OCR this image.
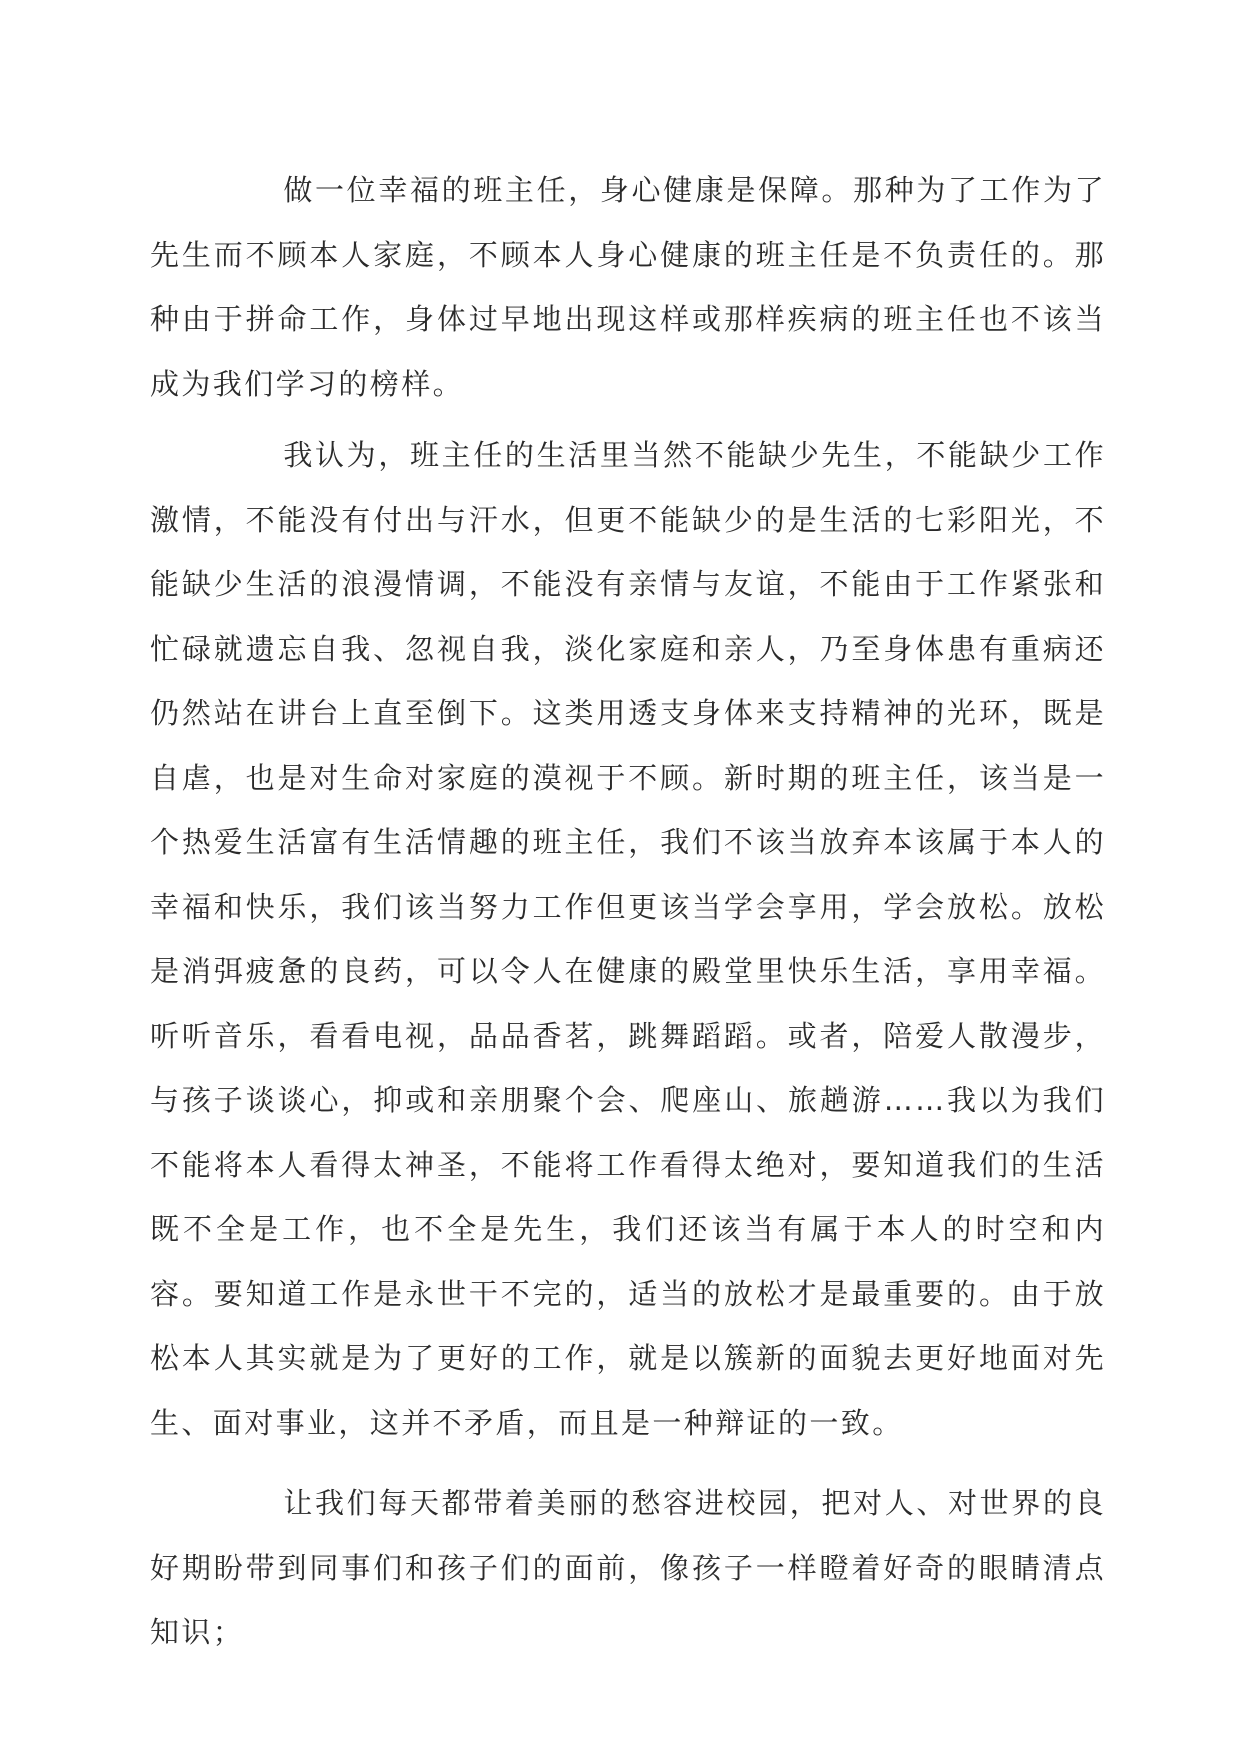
做一位幸福的班主任，身心健康是保障。那种为了工作为了先生而不顾本人家庭，不顾本人身心健康的班主任是不负责任的。那种由于拼命工作，身体过早地出现这样或那样疾病的班主任也不该当成为我们学习的榜样。

我认为，班主任的生活里当然不能缺少先生，不能缺少工作激情，不能没有付出与汗水，但更不能缺少的是生活的七彩阳光，不能缺少生活的浪漫情调，不能没有亲情与友谊，不能由于工作紧张和忙碌就遗忘自我、忽视自我，淡化家庭和亲人，乃至身体患有重病还仍然站在讲台上直至倒下。这类用透支身体来支持精神的光环，既是自虐，也是对生命对家庭的漠视于不顾。新时期的班主任，该当是一个热爱生活富有生活情趣的班主任，我们不该当放弃本该属于本人的幸福和快乐，我们该当努力工作但更该当学会享用，学会放松。放松是消弭疲惫的良药，可以令人在健康的殿堂里快乐生活，享用幸福。听听音乐，看看电视，品品香茗，跳舞蹈蹈。或者，陪爱人散漫步，与孩子谈谈心，抑或和亲朋聚个会、爬座山、旅趟游……我以为我们不能将本人看得太神圣，不能将工作看得太绝对，要知道我们的生活既不全是工作，也不全是先生，我们还该当有属于本人的时空和内容。要知道工作是永世干不完的，适当的放松才是最重要的。由于放松本人其实就是为了更好的工作，就是以簇新的面貌去更好地面对先生、面对事业，这并不矛盾，而且是一种辩证的一致。

让我们每天都带着美丽的愁容进校园，把对人、对世界的良好期盼带到同事们和孩子们的面前，像孩子一样瞪着好奇的眼睛清点知识；
